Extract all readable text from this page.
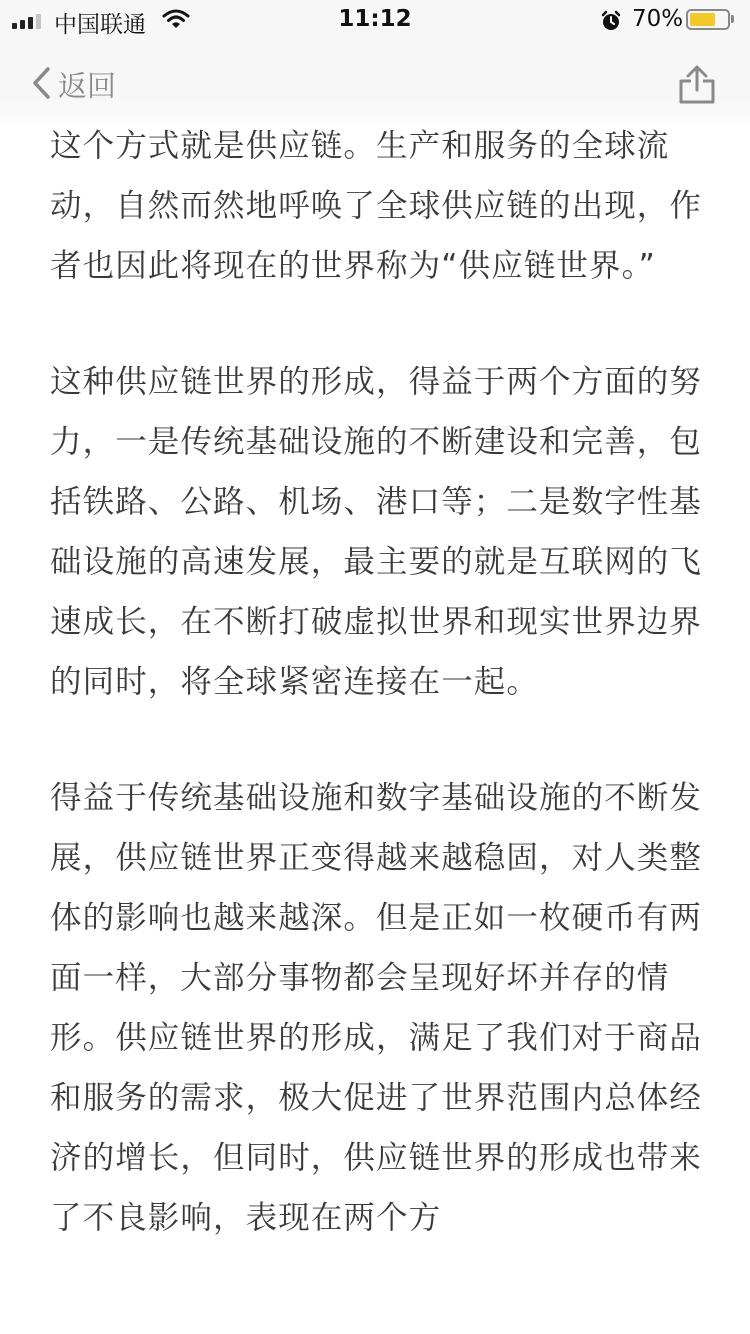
中国联通	11:12	70%
返回

这个方式就是供应链。生产和服务的全球流动，自然而然地呼唤了全球供应链的出现，作者也因此将现在的世界称为“供应链世界。”

这种供应链世界的形成，得益于两个方面的努力，一是传统基础设施的不断建设和完善，包括铁路、公路、机场、港口等；二是数字性基础设施的高速发展，最主要的就是互联网的飞速成长，在不断打破虚拟世界和现实世界边界的同时，将全球紧密连接在一起。

得益于传统基础设施和数字基础设施的不断发展，供应链世界正变得越来越稳固，对人类整体的影响也越来越深。但是正如一枚硬币有两面一样，大部分事物都会呈现好坏并存的情形。供应链世界的形成，满足了我们对于商品和服务的需求，极大促进了世界范围内总体经济的增长，但同时，供应链世界的形成也带来了不良影响，表现在两个方
